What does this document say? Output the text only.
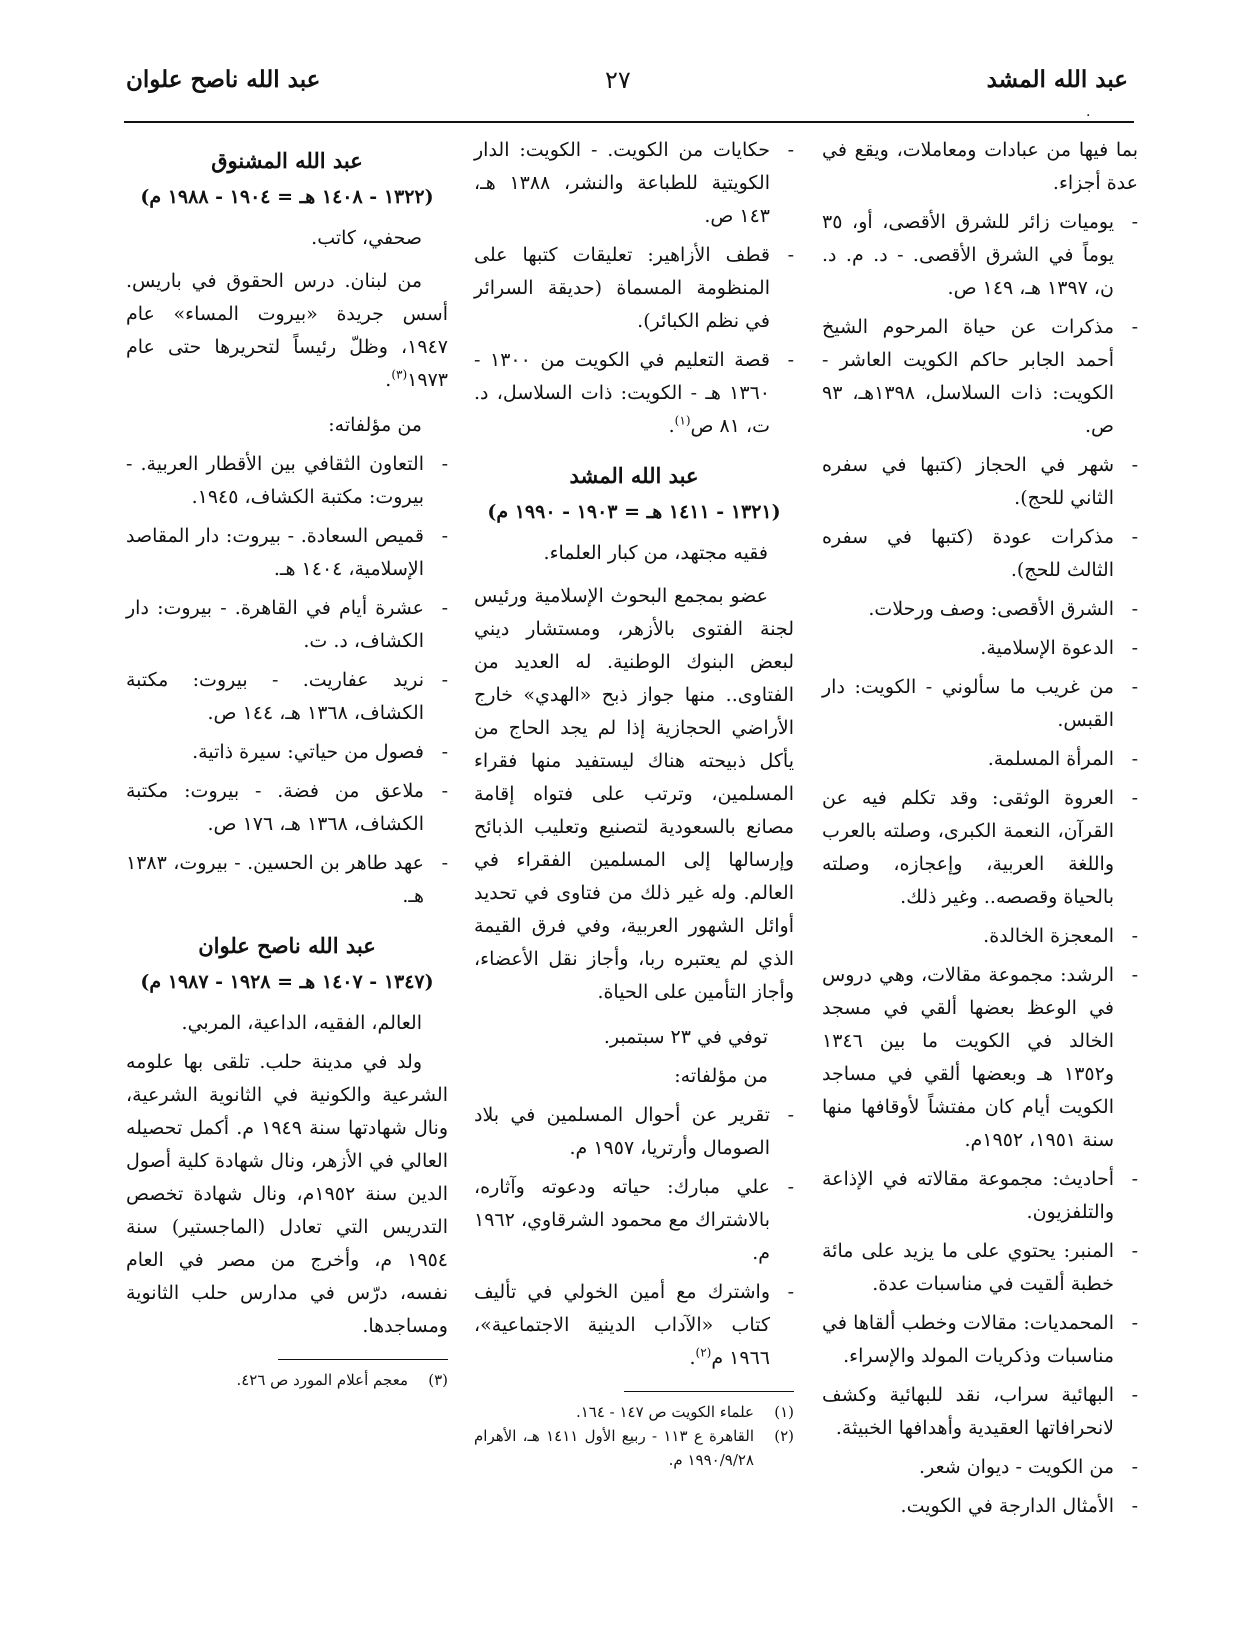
عبد الله المشد
٢٧
عبد الله ناصح علوان
.
بما فيها من عبادات ومعاملات، ويقع في عدة أجزاء.
-
يوميات زائر للشرق الأقصى، أو، ٣٥ يوماً في الشرق الأقصى. - د. م. د. ن، ١٣٩٧ هـ، ١٤٩ ص.
-
مذكرات عن حياة المرحوم الشيخ أحمد الجابر حاكم الكويت العاشر - الكويت: ذات السلاسل، ١٣٩٨هـ، ٩٣ ص.
-
شهر في الحجاز (كتبها في سفره الثاني للحج).
-
مذكرات عودة (كتبها في سفره الثالث للحج).
-
الشرق الأقصى: وصف ورحلات.
-
الدعوة الإسلامية.
-
من غريب ما سألوني - الكويت: دار القبس.
-
المرأة المسلمة.
-
العروة الوثقى: وقد تكلم فيه عن القرآن، النعمة الكبرى، وصلته بالعرب واللغة العربية، وإعجازه، وصلته بالحياة وقصصه.. وغير ذلك.
-
المعجزة الخالدة.
-
الرشد: مجموعة مقالات، وهي دروس في الوعظ بعضها ألقي في مسجد الخالد في الكويت ما بين ١٣٤٦ و١٣٥٢ هـ وبعضها ألقي في مساجد الكويت أيام كان مفتشاً لأوقافها منها سنة ١٩٥١، ١٩٥٢م.
-
أحاديث: مجموعة مقالاته في الإذاعة والتلفزيون.
-
المنبر: يحتوي على ما يزيد على مائة خطبة ألقيت في مناسبات عدة.
-
المحمديات: مقالات وخطب ألقاها في مناسبات وذكريات المولد والإسراء.
-
البهائية سراب، نقد للبهائية وكشف لانحرافاتها العقيدية وأهدافها الخبيثة.
-
من الكويت - ديوان شعر.
-
الأمثال الدارجة في الكويت.
-
حكايات من الكويت. - الكويت: الدار الكويتية للطباعة والنشر، ١٣٨٨ هـ، ١٤٣ ص.
-
قطف الأزاهير: تعليقات كتبها على المنظومة المسماة (حديقة السرائر في نظم الكبائر).
-
قصة التعليم في الكويت من ١٣٠٠ - ١٣٦٠ هـ - الكويت: ذات السلاسل، د. ت، ٨١ ص$^{(١)}$.
عبد الله المشد
(١٣٢١ - ١٤١١ هـ = ١٩٠٣ - ١٩٩٠ م)
فقيه مجتهد، من كبار العلماء.
عضو بمجمع البحوث الإسلامية ورئيس لجنة الفتوى بالأزهر، ومستشار ديني لبعض البنوك الوطنية. له العديد من الفتاوى.. منها جواز ذبح «الهدي» خارج الأراضي الحجازية إذا لم يجد الحاج من يأكل ذبيحته هناك ليستفيد منها فقراء المسلمين، وترتب على فتواه إقامة مصانع بالسعودية لتصنيع وتعليب الذبائح وإرسالها إلى المسلمين الفقراء في العالم. وله غير ذلك من فتاوى في تحديد أوائل الشهور العربية، وفي فرق القيمة الذي لم يعتبره ربا، وأجاز نقل الأعضاء، وأجاز التأمين على الحياة.
توفي في ٢٣ سبتمبر.
من مؤلفاته:
-
تقرير عن أحوال المسلمين في بلاد الصومال وأرتريا، ١٩٥٧ م.
-
علي مبارك: حياته ودعوته وآثاره، بالاشتراك مع محمود الشرقاوي، ١٩٦٢ م.
-
واشترك مع أمين الخولي في تأليف كتاب «الآداب الدينية الاجتماعية»، ١٩٦٦ م$^{(٢)}$.
(١)
علماء الكويت ص ١٤٧ - ١٦٤.
(٢)
القاهرة ع ١١٣ - ربيع الأول ١٤١١ هـ، الأهرام ١٩٩٠/٩/٢٨ م.
عبد الله المشنوق
(١٣٢٢ - ١٤٠٨ هـ = ١٩٠٤ - ١٩٨٨ م)
صحفي، كاتب.
من لبنان. درس الحقوق في باريس. أسس جريدة «بيروت المساء» عام ١٩٤٧، وظلّ رئيساً لتحريرها حتى عام ١٩٧٣$^{(٣)}$.
من مؤلفاته:
-
التعاون الثقافي بين الأقطار العربية. - بيروت: مكتبة الكشاف، ١٩٤٥.
-
قميص السعادة. - بيروت: دار المقاصد الإسلامية، ١٤٠٤ هـ.
-
عشرة أيام في القاهرة. - بيروت: دار الكشاف، د. ت.
-
نريد عفاريت. - بيروت: مكتبة الكشاف، ١٣٦٨ هـ، ١٤٤ ص.
-
فصول من حياتي: سيرة ذاتية.
-
ملاعق من فضة. - بيروت: مكتبة الكشاف، ١٣٦٨ هـ، ١٧٦ ص.
-
عهد طاهر بن الحسين. - بيروت، ١٣٨٣ هـ.
عبد الله ناصح علوان
(١٣٤٧ - ١٤٠٧ هـ = ١٩٢٨ - ١٩٨٧ م)
العالم، الفقيه، الداعية، المربي.
ولد في مدينة حلب. تلقى بها علومه الشرعية والكونية في الثانوية الشرعية، ونال شهادتها سنة ١٩٤٩ م. أكمل تحصيله العالي في الأزهر، ونال شهادة كلية أصول الدين سنة ١٩٥٢م، ونال شهادة تخصص التدريس التي تعادل (الماجستير) سنة ١٩٥٤ م، وأخرج من مصر في العام نفسه، درّس في مدارس حلب الثانوية ومساجدها.
(٣)
معجم أعلام المورد ص ٤٢٦.
